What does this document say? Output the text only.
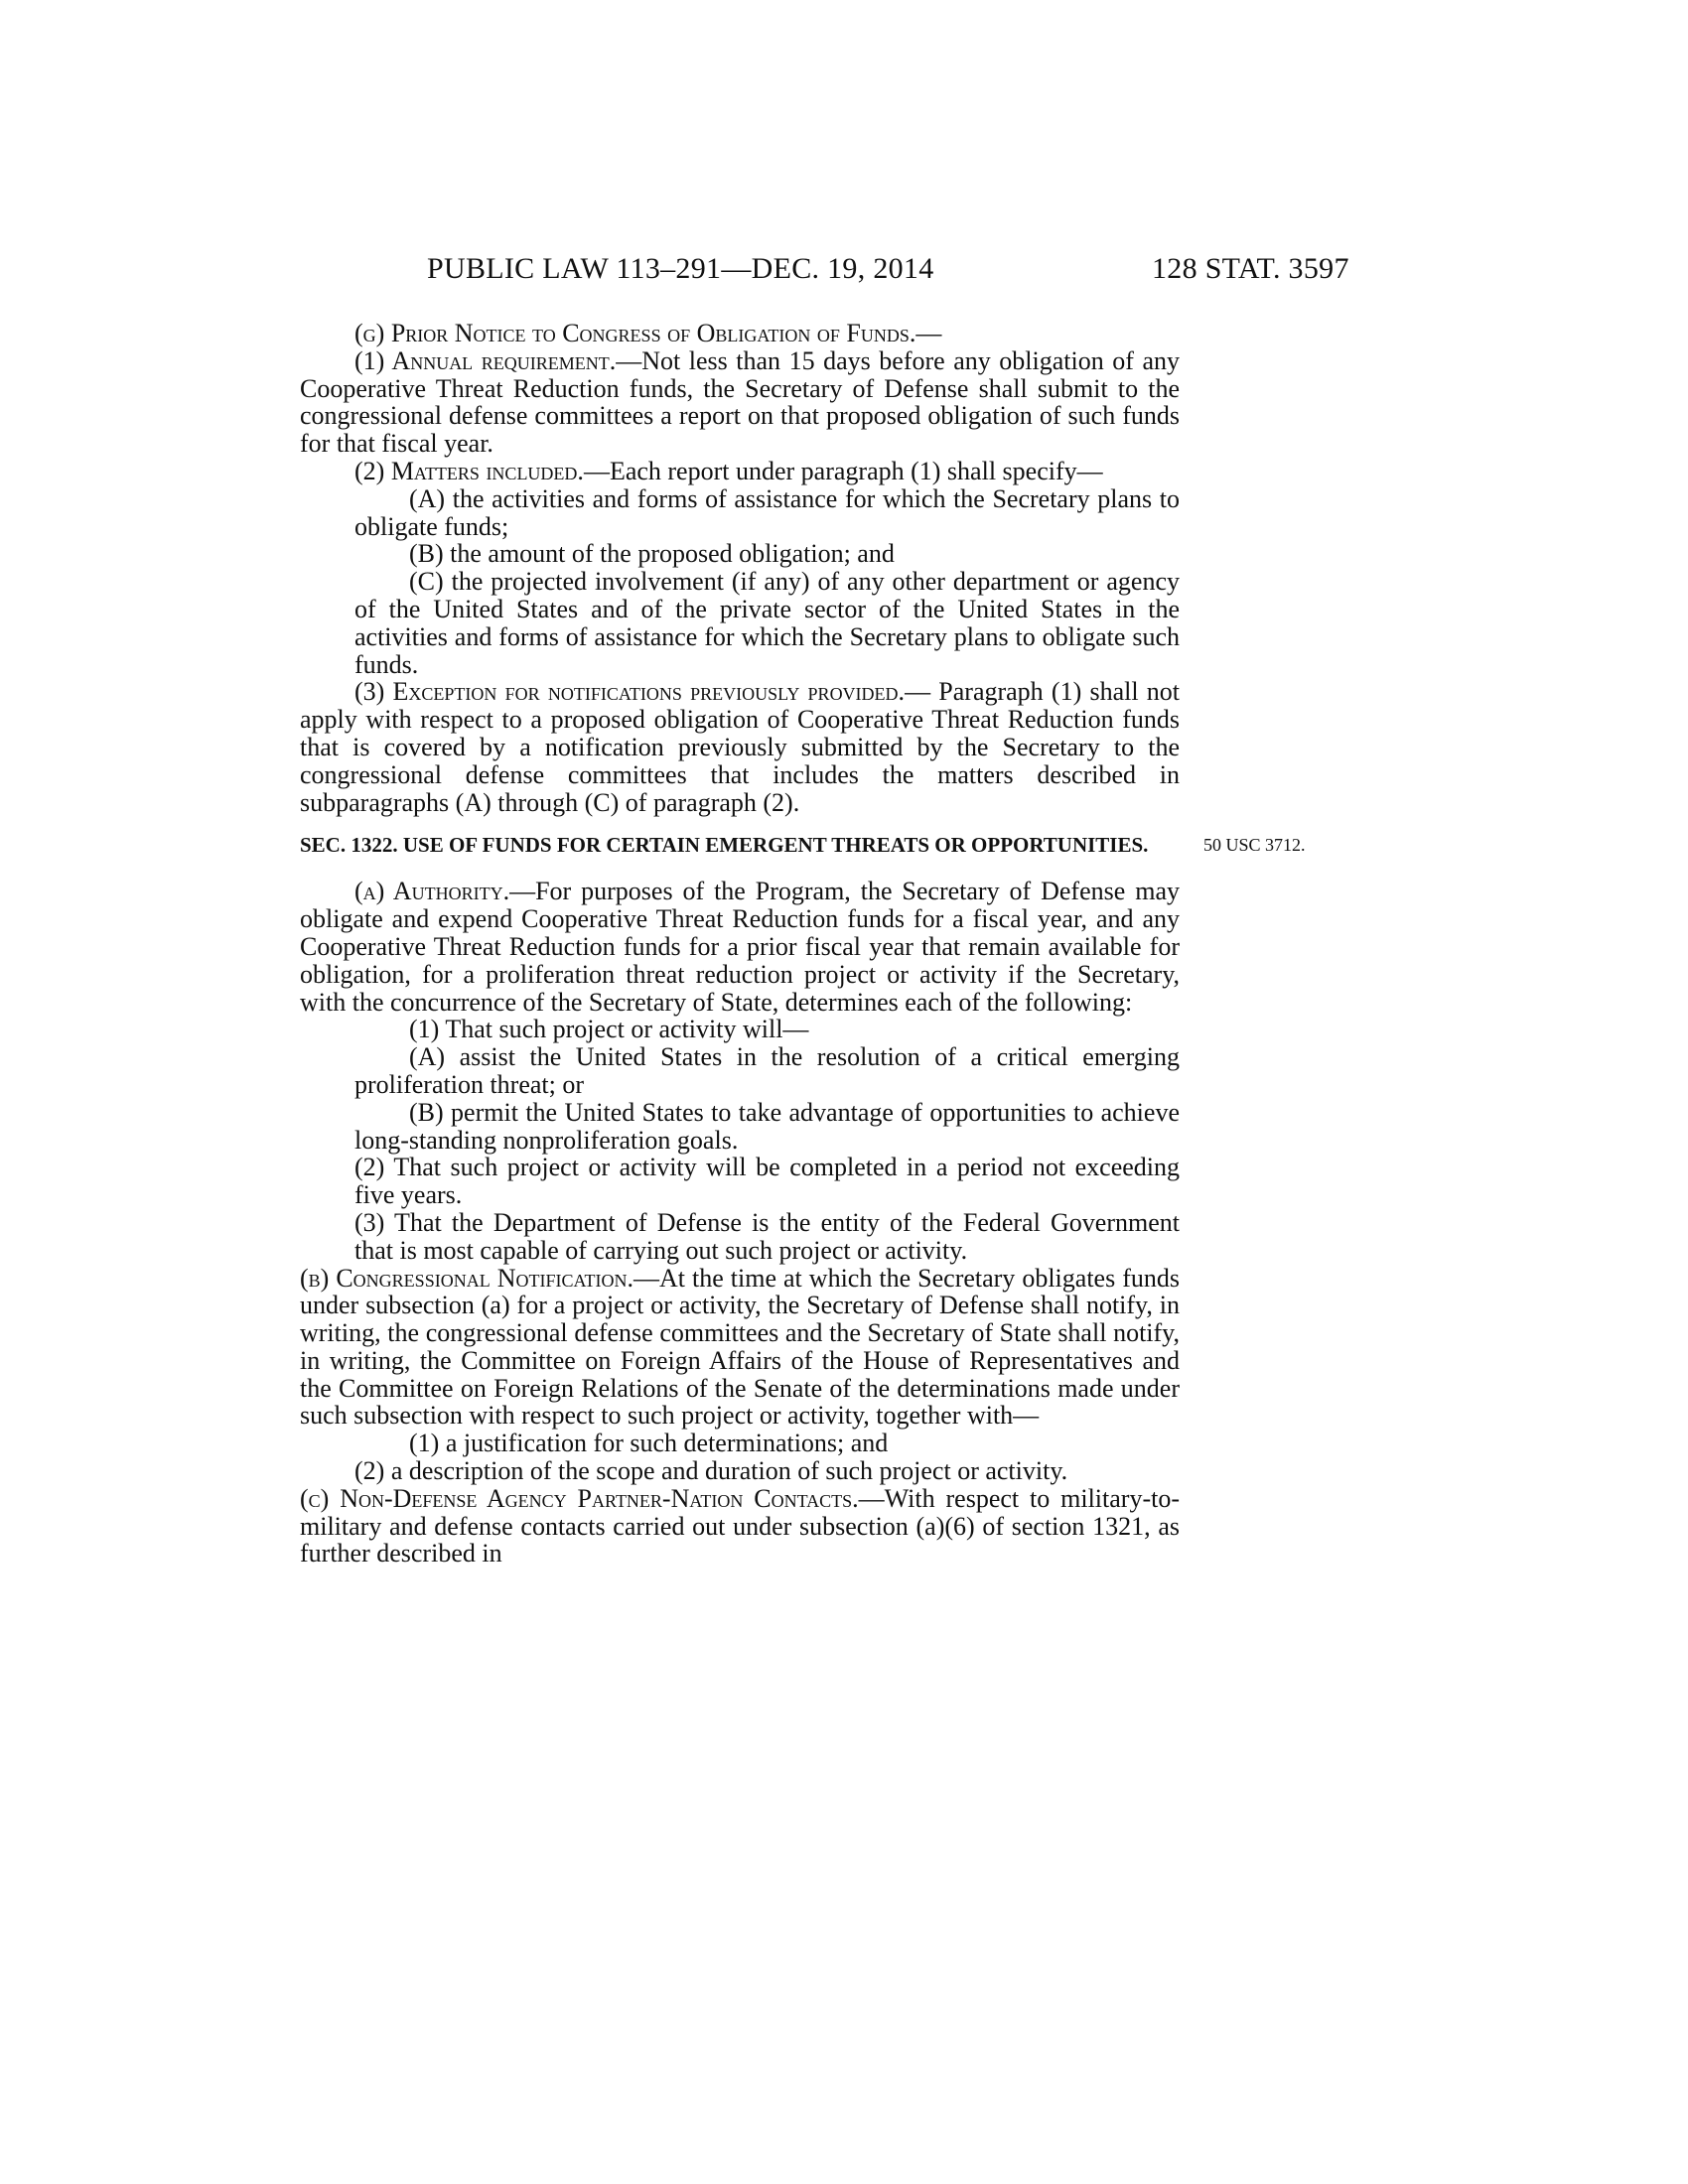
PUBLIC LAW 113–291—DEC. 19, 2014	128 STAT. 3597

(g) Prior Notice to Congress of Obligation of Funds.—

(1) Annual requirement.—Not less than 15 days before any obligation of any Cooperative Threat Reduction funds, the Secretary of Defense shall submit to the congressional defense committees a report on that proposed obligation of such funds for that fiscal year.

(2) Matters included.—Each report under paragraph (1) shall specify—

(A) the activities and forms of assistance for which the Secretary plans to obligate funds;

(B) the amount of the proposed obligation; and

(C) the projected involvement (if any) of any other department or agency of the United States and of the private sector of the United States in the activities and forms of assistance for which the Secretary plans to obligate such funds.

(3) Exception for notifications previously provided.— Paragraph (1) shall not apply with respect to a proposed obligation of Cooperative Threat Reduction funds that is covered by a notification previously submitted by the Secretary to the congressional defense committees that includes the matters described in subparagraphs (A) through (C) of paragraph (2).

SEC. 1322. USE OF FUNDS FOR CERTAIN EMERGENT THREATS OR OPPORTUNITIES.	50 USC 3712.

(a) Authority.—For purposes of the Program, the Secretary of Defense may obligate and expend Cooperative Threat Reduction funds for a fiscal year, and any Cooperative Threat Reduction funds for a prior fiscal year that remain available for obligation, for a proliferation threat reduction project or activity if the Secretary, with the concurrence of the Secretary of State, determines each of the following:

(1) That such project or activity will—

(A) assist the United States in the resolution of a critical emerging proliferation threat; or

(B) permit the United States to take advantage of opportunities to achieve long-standing nonproliferation goals.

(2) That such project or activity will be completed in a period not exceeding five years.

(3) That the Department of Defense is the entity of the Federal Government that is most capable of carrying out such project or activity.

(b) Congressional Notification.—At the time at which the Secretary obligates funds under subsection (a) for a project or activity, the Secretary of Defense shall notify, in writing, the congressional defense committees and the Secretary of State shall notify, in writing, the Committee on Foreign Affairs of the House of Representatives and the Committee on Foreign Relations of the Senate of the determinations made under such subsection with respect to such project or activity, together with—

(1) a justification for such determinations; and

(2) a description of the scope and duration of such project or activity.

(c) Non-Defense Agency Partner-Nation Contacts.—With respect to military-to-military and defense contacts carried out under subsection (a)(6) of section 1321, as further described in
